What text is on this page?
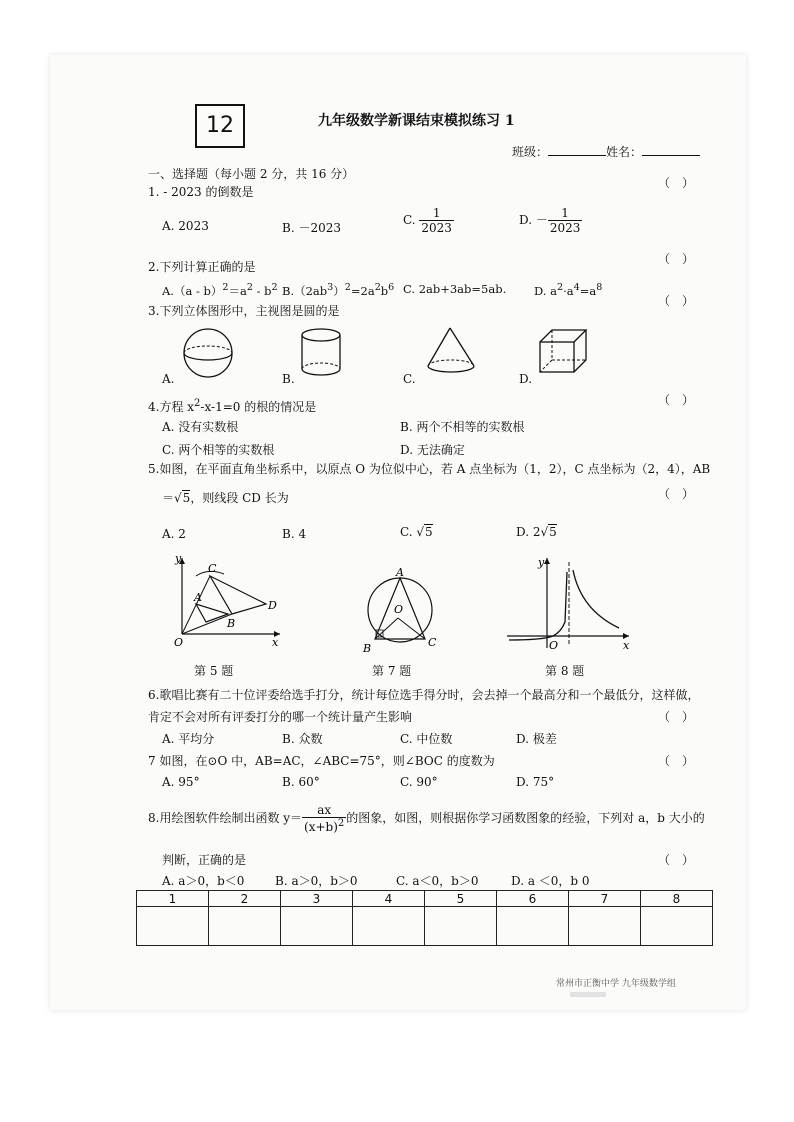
12	九年级数学新课结束模拟练习 1
班级：	姓名：
一、选择题（每小题 2 分，共 16 分）
1. - 2023 的倒数是
（　）
A. 2023	B. －2023
C. $\frac{1}{2023}$	D. － $\frac{1}{2023}$
2.下列计算正确的是
（　）
$A.(a - b)^2=a^2 - b^2$ $B.(2ab^3)^2=2a^2b^6$ C. 2ab+3ab=5ab. D. $a^2\cdot a^4=a^8$
3.下列立体图形中，主视图是圆的是
（　）
A.	B.	C.	D.
4.方程 $x^2-x-1=0$ 的根的情况是	（　）
A. 没有实数根	B. 两个不相等的实数根
C. 两个相等的实数根	D. 无法确定
5.如图，在平面直角坐标系中，以原点 O 为位似中心，若 A 点坐标为（1，2），C 点坐标为（2，4），AB
＝√5，则线段 CD 长为	（　）
A. 2	B. 4	C. √5	D. 2√5
y
C
A
D
B
O	x
第 5 题
A
O
B	C
第 7 题
y
O	x
第 8 题
6.歌唱比赛有二十位评委给选手打分，统计每位选手得分时，会去掉一个最高分和一个最低分，这样做，
肯定不会对所有评委打分的哪一个统计量产生影响	（　）
A. 平均分	B. 众数	C. 中位数	D. 极差
7 如图，在⊙O 中，AB=AC，∠ABC=75°，则∠BOC 的度数为	（　）
A. 95°	B. 60°	C. 90°	D. 75°
8.用绘图软件绘制出函数 $y= \frac{ax}{(x+b)^2}$ 的图象，如图，则根据你学习函数图象的经验，下列对 a，b 大小的
判断，正确的是	（　）
A. a＞0，b＜0	B. a＞0，b＞0	C. a＜0，b＞0	D. a ＜0，b 0
1	2	3	4	5	6	7	8

常州市正衡中学 九年级数学组
